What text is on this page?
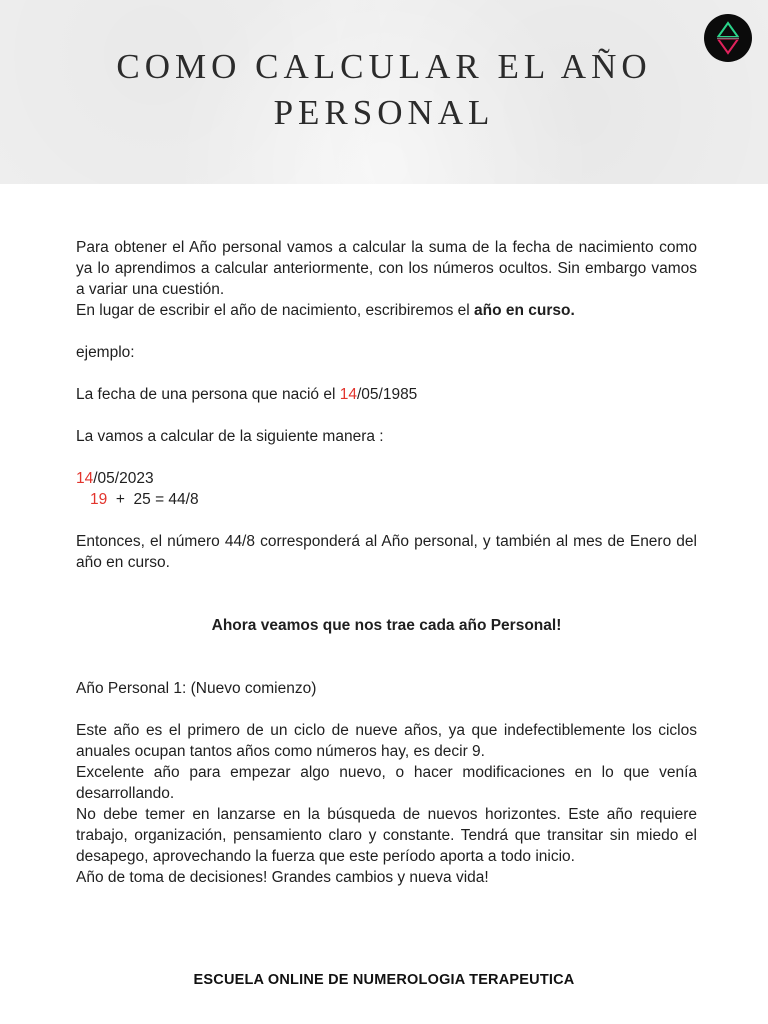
COMO CALCULAR EL AÑO
PERSONAL

Para obtener el Año personal vamos a calcular la suma de la fecha de nacimiento como ya lo aprendimos a calcular anteriormente, con los números ocultos. Sin embargo vamos a variar una cuestión.

En lugar de escribir el año de nacimiento, escribiremos el año en curso.

ejemplo:

La fecha de una persona que nació el 14/05/1985

La vamos a calcular de la siguiente manera :

14/05/2023

19  +  25 = 44/8

Entonces, el número 44/8 corresponderá al Año personal, y también al mes de Enero del año en curso.

Ahora veamos que nos trae cada año Personal!

Año Personal 1: (Nuevo comienzo)

Este año es el primero de un ciclo de nueve años, ya que indefectiblemente los ciclos anuales ocupan tantos años como números hay, es decir 9.

Excelente año para empezar algo nuevo, o hacer modificaciones en lo que venía desarrollando.

No debe temer en lanzarse en la búsqueda de nuevos horizontes. Este año requiere trabajo, organización, pensamiento claro y constante. Tendrá que transitar sin miedo el desapego, aprovechando la fuerza que este período aporta a todo inicio.

Año de toma de decisiones! Grandes cambios y nueva vida!

ESCUELA ONLINE DE NUMEROLOGIA TERAPEUTICA
